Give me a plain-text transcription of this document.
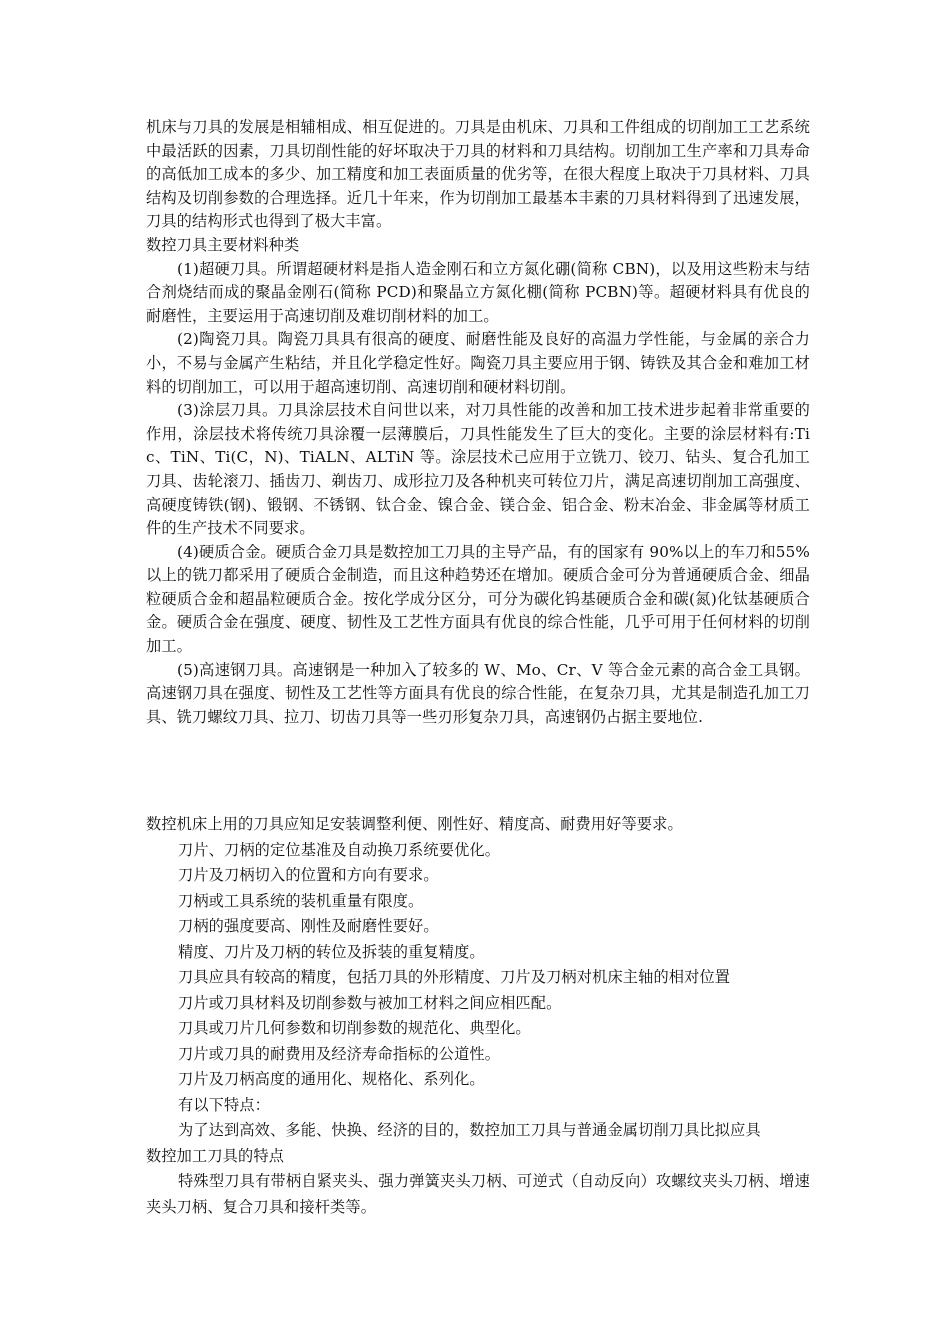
机床与刀具的发展是相辅相成、相互促进的。刀具是由机床、刀具和工件组成的切削加工工艺系统中最活跃的因素，刀具切削性能的好坏取决于刀具的材料和刀具结构。切削加工生产率和刀具寿命的高低加工成本的多少、加工精度和加工表面质量的优劣等，在很大程度上取决于刀具材料、刀具结构及切削参数的合理选择。近几十年来，作为切削加工最基本丰素的刀具材料得到了迅速发展，刀具的结构形式也得到了极大丰富。

数控刀具主要材料种类

(1)超硬刀具。所谓超硬材料是指人造金刚石和立方氮化硼(简称 CBN)，以及用这些粉末与结合剂烧结而成的聚晶金刚石(简称 PCD)和聚晶立方氮化棚(简称 PCBN)等。超硬材料具有优良的耐磨性，主要运用于高速切削及难切削材料的加工。

(2)陶瓷刀具。陶瓷刀具具有很高的硬度、耐磨性能及良好的高温力学性能，与金属的亲合力小，不易与金属产生粘结，并且化学稳定性好。陶瓷刀具主要应用于钢、铸铁及其合金和难加工材料的切削加工，可以用于超高速切削、高速切削和硬材料切削。

(3)涂层刀具。刀具涂层技术自问世以来，对刀具性能的改善和加工技术进步起着非常重要的作用，涂层技术将传统刀具涂覆一层薄膜后，刀具性能发生了巨大的变化。主要的涂层材料有:Tic、TiN、Ti(C，N)、TiALN、ALTiN 等。涂层技术己应用于立铣刀、铰刀、钻头、复合孔加工刀具、齿轮滚刀、插齿刀、剃齿刀、成形拉刀及各种机夹可转位刀片，满足高速切削加工高强度、高硬度铸铁(钢)、锻钢、不锈钢、钛合金、镍合金、镁合金、铝合金、粉末冶金、非金属等材质工件的生产技术不同要求。

(4)硬质合金。硬质合金刀具是数控加工刀具的主导产品，有的国家有 90%以上的车刀和55%以上的铣刀都采用了硬质合金制造，而且这种趋势还在增加。硬质合金可分为普通硬质合金、细晶粒硬质合金和超晶粒硬质合金。按化学成分区分，可分为碳化钨基硬质合金和碳(氮)化钛基硬质合金。硬质合金在强度、硬度、韧性及工艺性方面具有优良的综合性能，几乎可用于任何材料的切削加工。

(5)高速钢刀具。高速钢是一种加入了较多的 W、Mo、Cr、V 等合金元素的高合金工具钢。高速钢刀具在强度、韧性及工艺性等方面具有优良的综合性能，在复杂刀具，尤其是制造孔加工刀具、铣刀螺纹刀具、拉刀、切齿刀具等一些刃形复杂刀具，高速钢仍占据主要地位.

数控机床上用的刀具应知足安装调整利便、刚性好、精度高、耐费用好等要求。

刀片、刀柄的定位基准及自动换刀系统要优化。

刀片及刀柄切入的位置和方向有要求。

刀柄或工具系统的装机重量有限度。

刀柄的强度要高、刚性及耐磨性要好。

精度、刀片及刀柄的转位及拆装的重复精度。

刀具应具有较高的精度，包括刀具的外形精度、刀片及刀柄对机床主轴的相对位置

刀片或刀具材料及切削参数与被加工材料之间应相匹配。

刀具或刀片几何参数和切削参数的规范化、典型化。

刀片或刀具的耐费用及经济寿命指标的公道性。

刀片及刀柄高度的通用化、规格化、系列化。

有以下特点：

为了达到高效、多能、快换、经济的目的，数控加工刀具与普通金属切削刀具比拟应具

数控加工刀具的特点

特殊型刀具有带柄自紧夹头、强力弹簧夹头刀柄、可逆式（自动反向）攻螺纹夹头刀柄、增速夹头刀柄、复合刀具和接杆类等。
